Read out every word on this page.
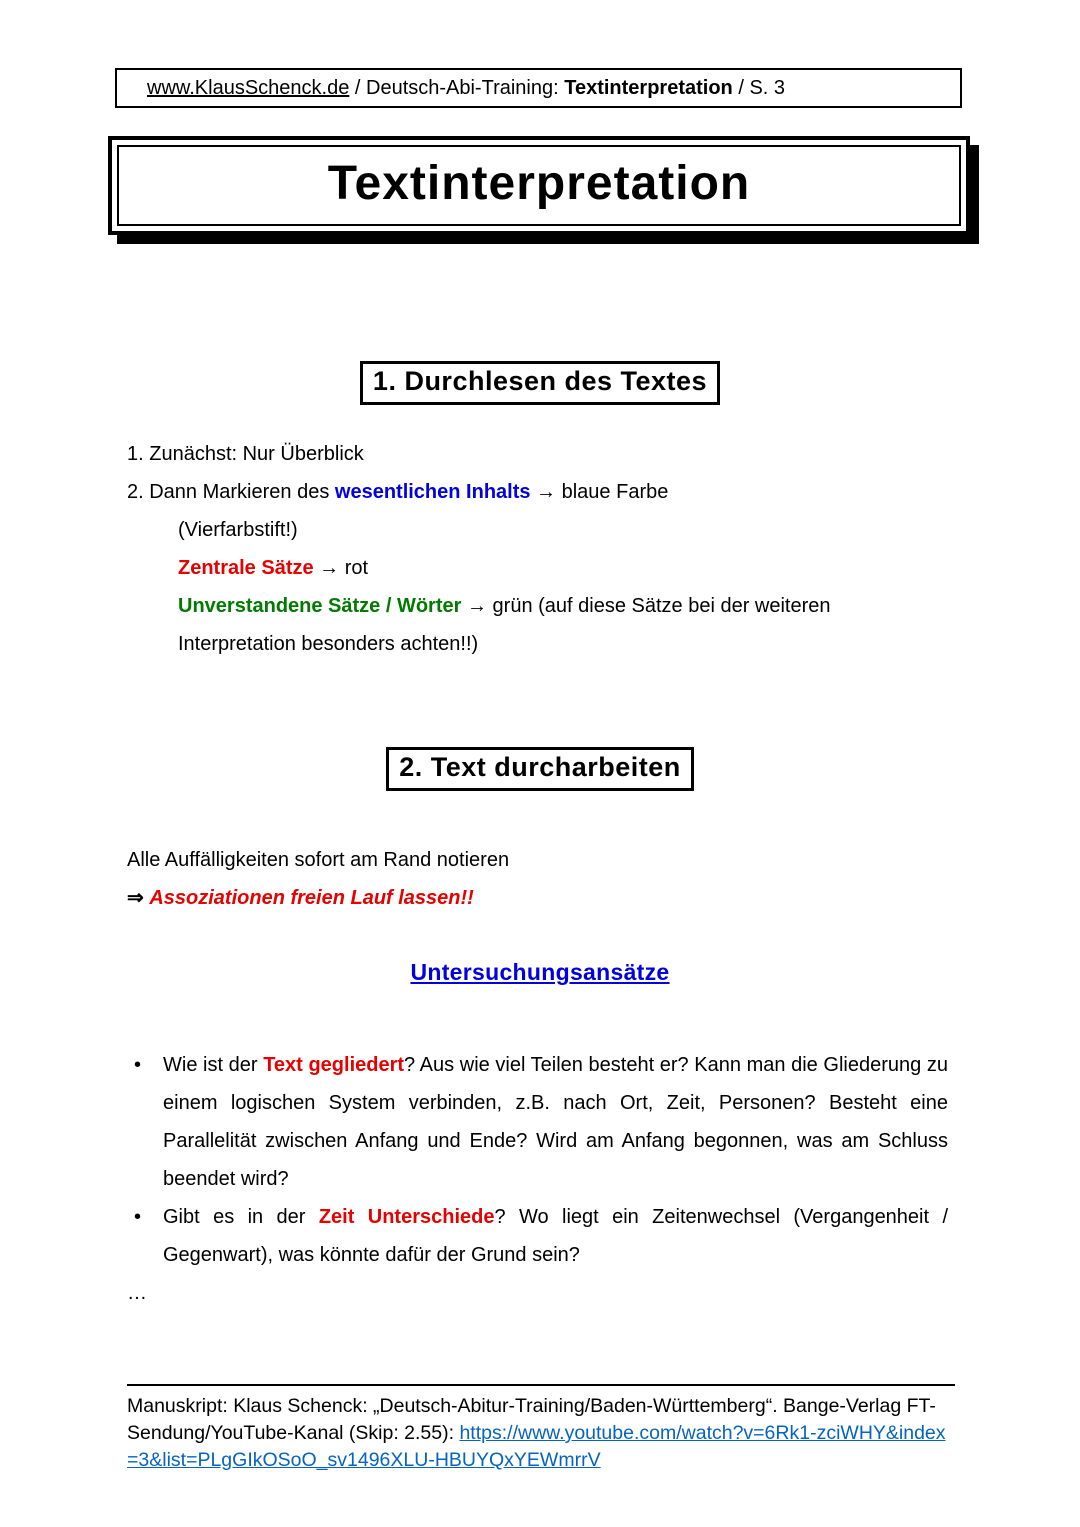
www.KlausSchenck.de / Deutsch-Abi-Training: Textinterpretation / S. 3
Textinterpretation
1. Durchlesen des Textes
1. Zunächst: Nur Überblick
2. Dann Markieren des wesentlichen Inhalts → blaue Farbe
(Vierfarbstift!)
Zentrale Sätze → rot
Unverstandene Sätze / Wörter → grün (auf diese Sätze bei der weiteren Interpretation besonders achten!!)
2. Text durcharbeiten
Alle Auffälligkeiten sofort am Rand notieren
⇒ Assoziationen freien Lauf lassen!!
Untersuchungsansätze
•	Wie ist der Text gegliedert? Aus wie viel Teilen besteht er? Kann man die Gliederung zu einem logischen System verbinden, z.B. nach Ort, Zeit, Personen? Besteht eine Parallelität zwischen Anfang und Ende? Wird am Anfang begonnen, was am Schluss beendet wird?
•	Gibt es in der Zeit Unterschiede? Wo liegt ein Zeitenwechsel (Vergangenheit / Gegenwart), was könnte dafür der Grund sein?
…
Manuskript: Klaus Schenck: „Deutsch-Abitur-Training/Baden-Württemberg“. Bange-Verlag FT-Sendung/YouTube-Kanal (Skip: 2.55): https://www.youtube.com/watch?v=6Rk1-zciWHY&index=3&list=PLgGIkOSoO_sv1496XLU-HBUYQxYEWmrrV
